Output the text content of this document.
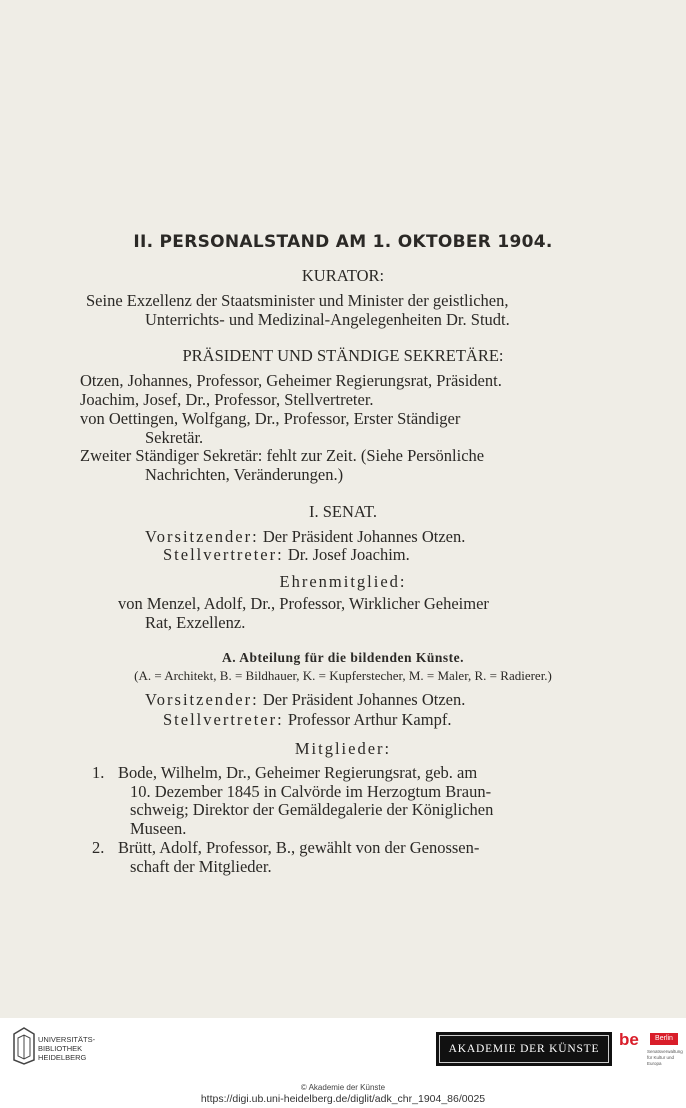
II. PERSONALSTAND AM 1. OKTOBER 1904.
KURATOR:
Seine Exzellenz der Staatsminister und Minister der geistlichen,
Unterrichts- und Medizinal-Angelegenheiten Dr. Studt.
PRÄSIDENT UND STÄNDIGE SEKRETÄRE:
Otzen, Johannes, Professor, Geheimer Regierungsrat, Präsident.
Joachim, Josef, Dr., Professor, Stellvertreter.
von Oettingen, Wolfgang, Dr., Professor, Erster Ständiger
Sekretär.
Zweiter Ständiger Sekretär: fehlt zur Zeit. (Siehe Persönliche
Nachrichten, Veränderungen.)
I. SENAT.
Vorsitzender: Der Präsident Johannes Otzen.
Stellvertreter: Dr. Josef Joachim.
Ehrenmitglied:
von Menzel, Adolf, Dr., Professor, Wirklicher Geheimer
Rat, Exzellenz.
A. Abteilung für die bildenden Künste.
(A. = Architekt, B. = Bildhauer, K. = Kupferstecher, M. = Maler, R. = Radierer.)
Vorsitzender: Der Präsident Johannes Otzen.
Stellvertreter: Professor Arthur Kampf.
Mitglieder:
1. Bode, Wilhelm, Dr., Geheimer Regierungsrat, geb. am
10. Dezember 1845 in Calvörde im Herzogtum Braun-
schweig; Direktor der Gemäldegalerie der Königlichen
Museen.
2. Brütt, Adolf, Professor, B., gewählt von der Genossen-
schaft der Mitglieder.
UNIVERSITÄTS-
BIBLIOTHEK
HEIDELBERG
AKADEMIE DER KÜNSTE	be	Berlin
Senatsverwaltung
für Kultur und Europa
© Akademie der Künste
https://digi.ub.uni-heidelberg.de/diglit/adk_chr_1904_86/0025
